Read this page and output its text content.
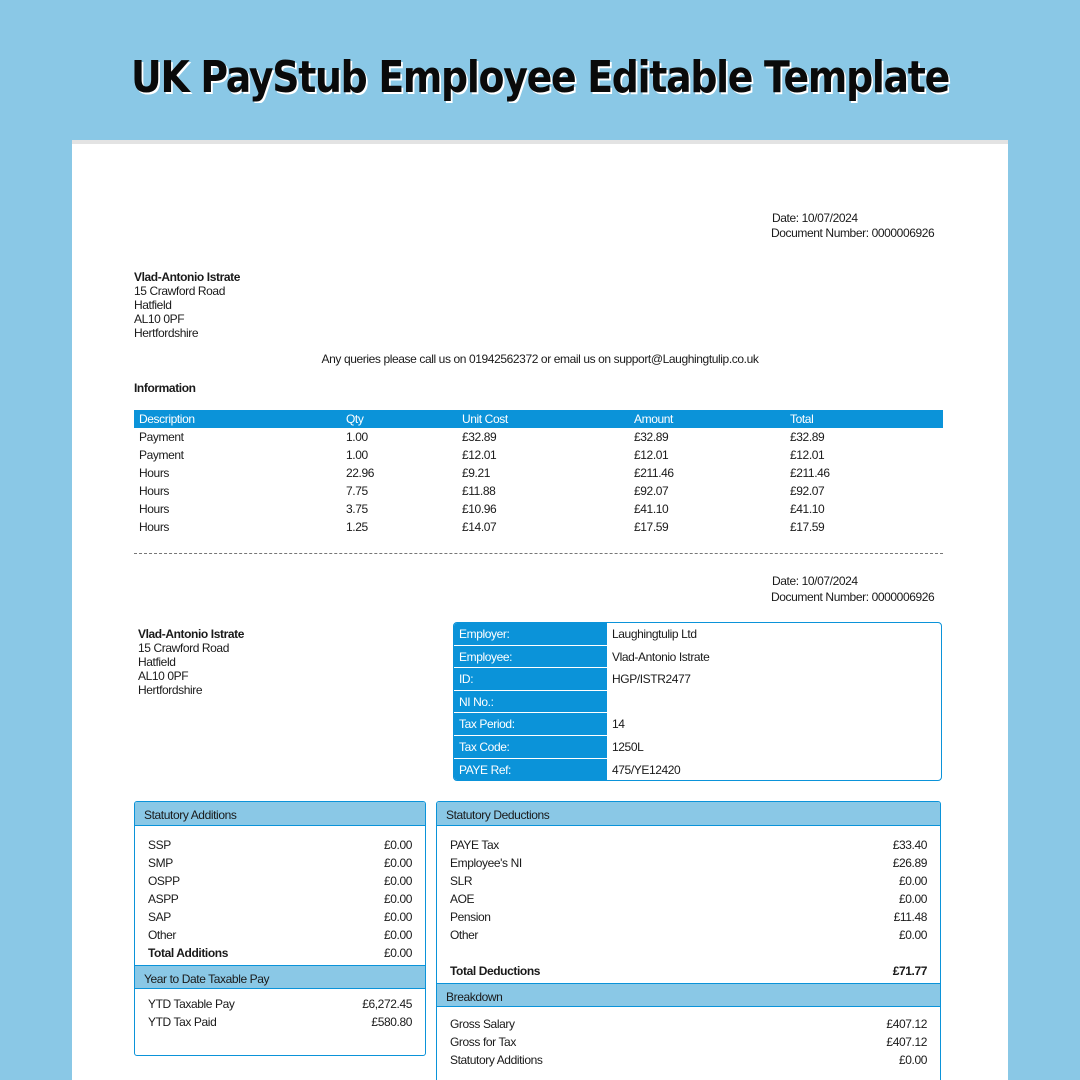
UK PayStub Employee Editable Template
Date: 10/07/2024
Document Number: 0000006926
Vlad-Antonio Istrate
15 Crawford Road
Hatfield
AL10 0PF
Hertfordshire
Any queries please call us on 01942562372 or email us on support@Laughingtulip.co.uk
Information
Description	Qty	Unit Cost	Amount	Total
Payment	1.00	£32.89	£32.89	£32.89
Payment	1.00	£12.01	£12.01	£12.01
Hours	22.96	£9.21	£211.46	£211.46
Hours	7.75	£11.88	£92.07	£92.07
Hours	3.75	£10.96	£41.10	£41.10
Hours	1.25	£14.07	£17.59	£17.59
Date: 10/07/2024
Document Number: 0000006926
Vlad-Antonio Istrate
15 Crawford Road
Hatfield
AL10 0PF
Hertfordshire
Employer:	Laughingtulip Ltd
Employee:	Vlad-Antonio Istrate
ID:	HGP/ISTR2477
NI No.:
Tax Period:	14
Tax Code:	1250L
PAYE Ref:	475/YE12420
Statutory Additions
SSP	£0.00
SMP	£0.00
OSPP	£0.00
ASPP	£0.00
SAP	£0.00
Other	£0.00
Total Additions	£0.00
Year to Date Taxable Pay
YTD Taxable Pay	£6,272.45
YTD Tax Paid	£580.80
Statutory Deductions
PAYE Tax	£33.40
Employee's NI	£26.89
SLR	£0.00
AOE	£0.00
Pension	£11.48
Other	£0.00
Total Deductions	£71.77
Breakdown
Gross Salary	£407.12
Gross for Tax	£407.12
Statutory Additions	£0.00
